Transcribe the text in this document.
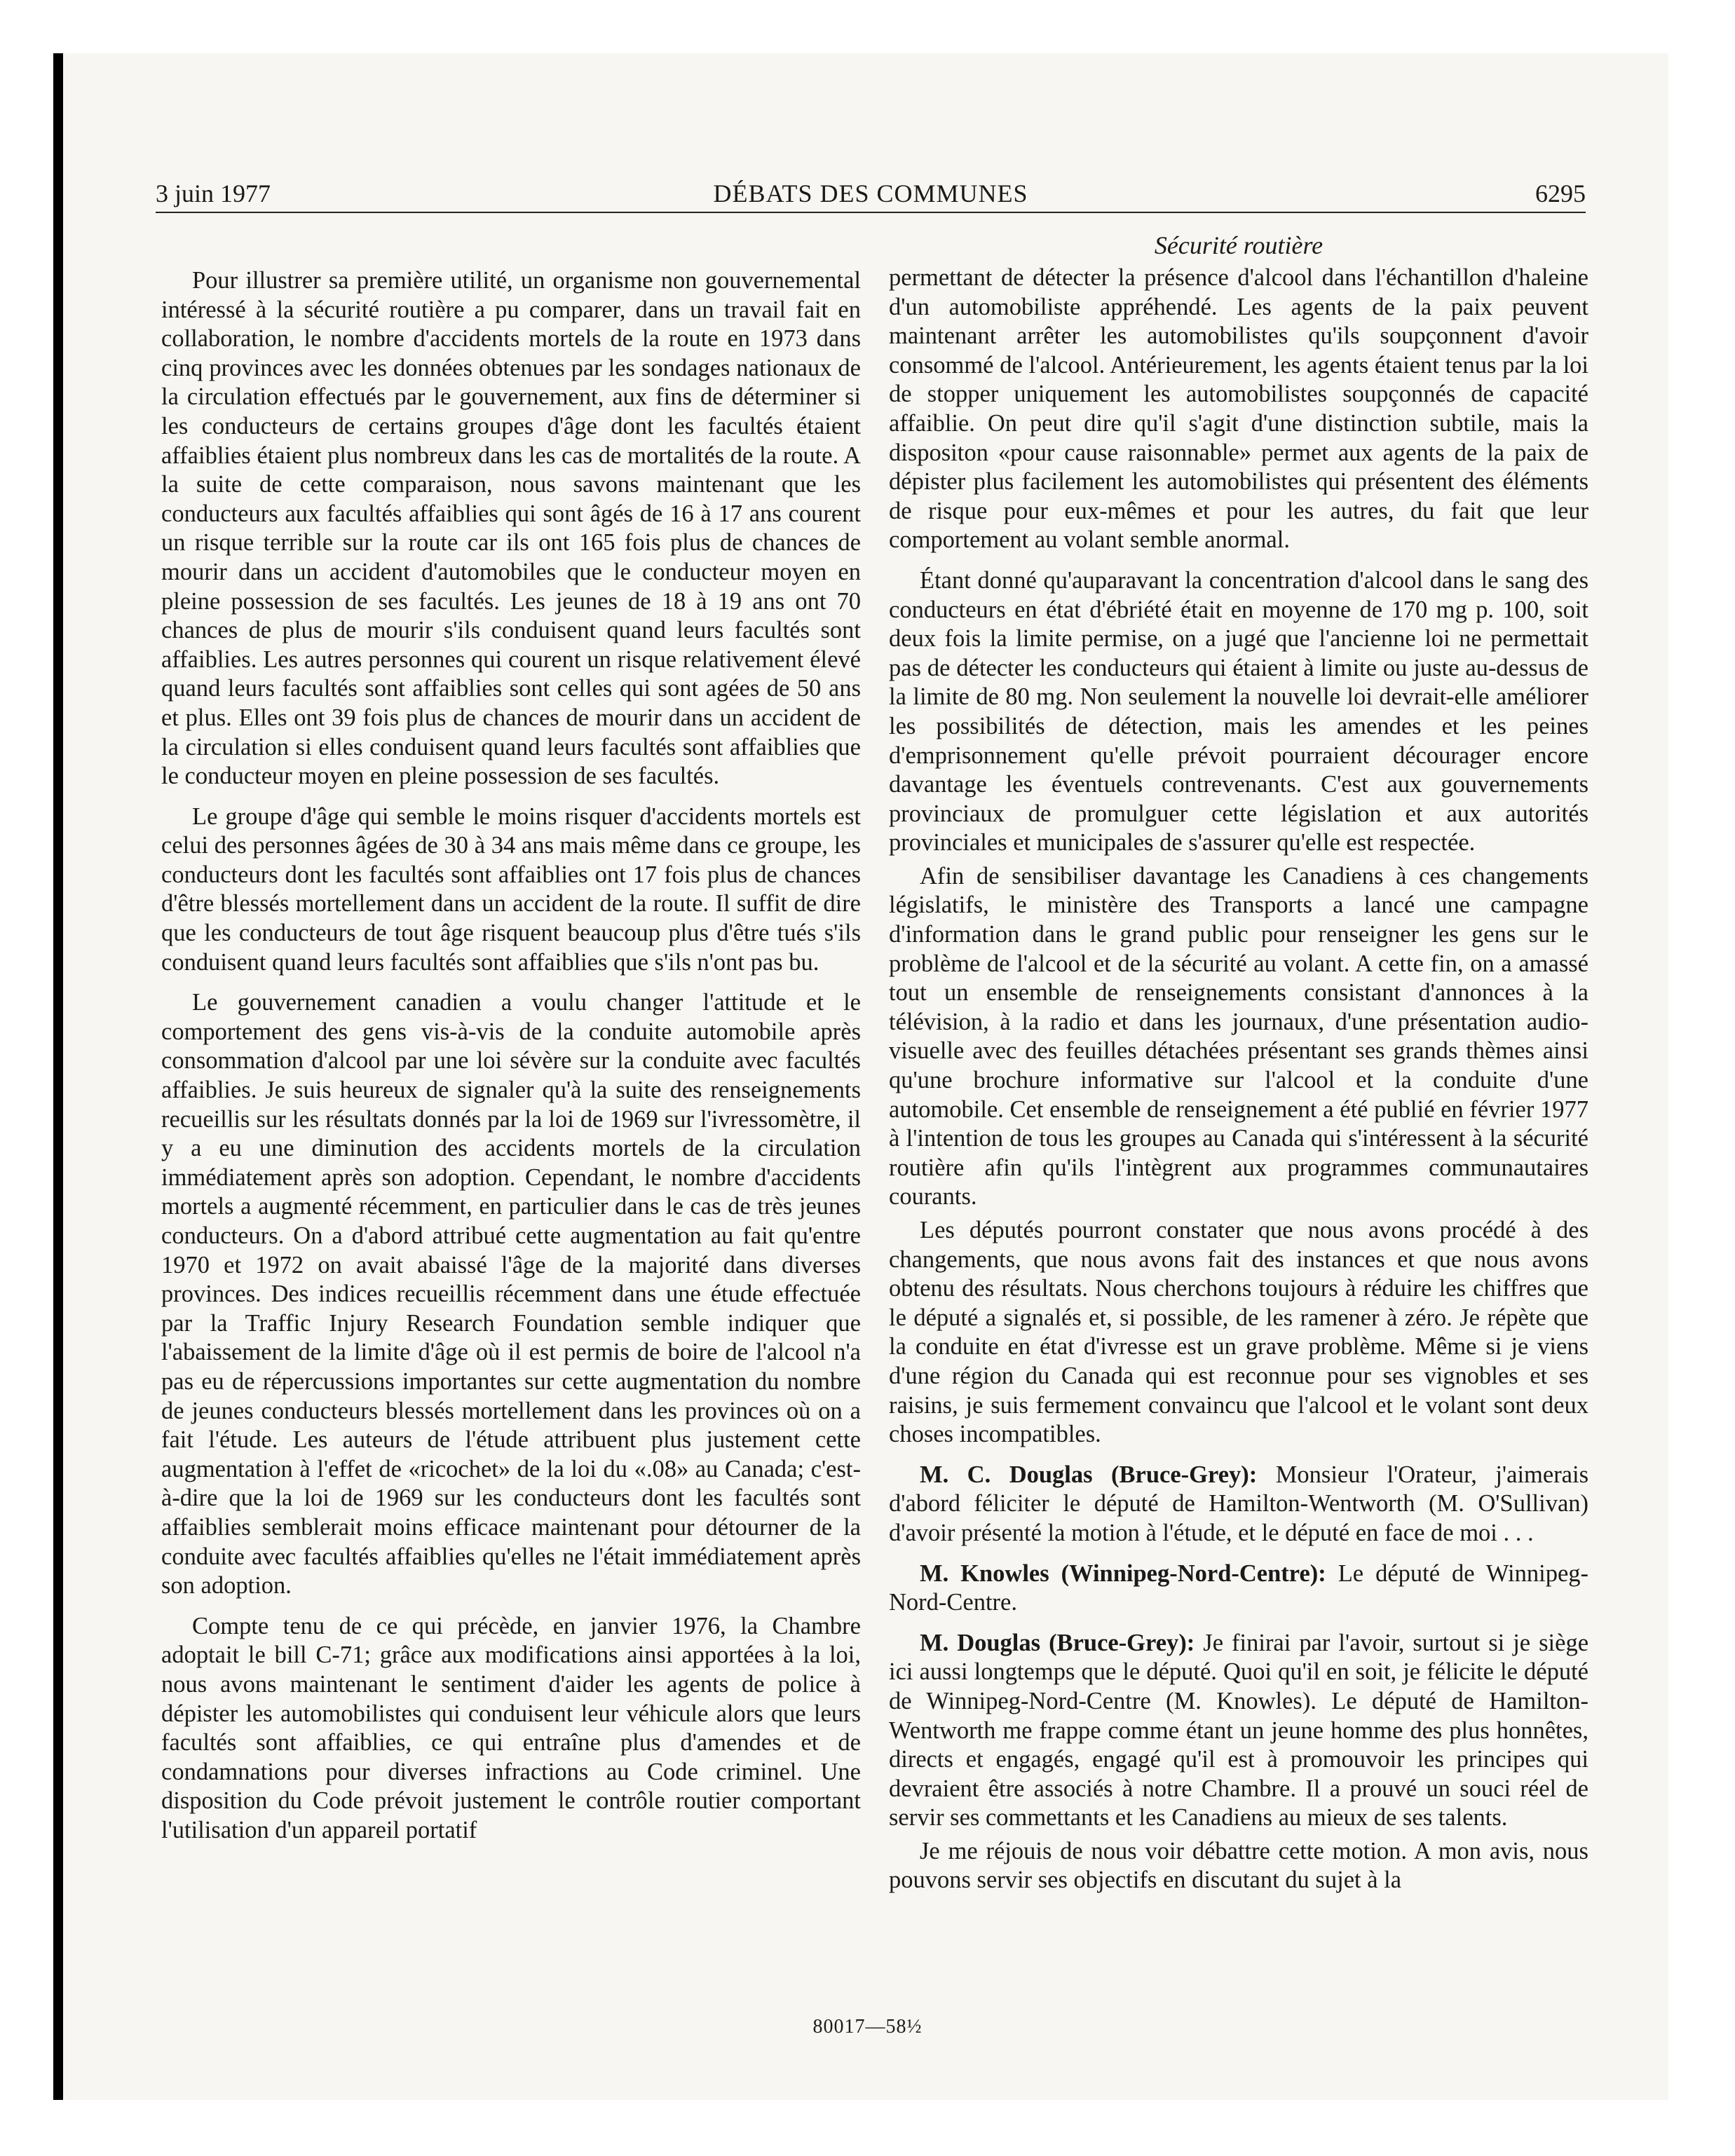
3 juin 1977	DÉBATS DES COMMUNES	6295
Sécurité routière

Pour illustrer sa première utilité, un organisme non gouvernemental intéressé à la sécurité routière a pu comparer, dans un travail fait en collaboration, le nombre d'accidents mortels de la route en 1973 dans cinq provinces avec les données obtenues par les sondages nationaux de la circulation effectués par le gouvernement, aux fins de déterminer si les conducteurs de certains groupes d'âge dont les facultés étaient affaiblies étaient plus nombreux dans les cas de mortalités de la route. A la suite de cette comparaison, nous savons maintenant que les conducteurs aux facultés affaiblies qui sont âgés de 16 à 17 ans courent un risque terrible sur la route car ils ont 165 fois plus de chances de mourir dans un accident d'automobiles que le conducteur moyen en pleine possession de ses facultés. Les jeunes de 18 à 19 ans ont 70 chances de plus de mourir s'ils conduisent quand leurs facultés sont affaiblies. Les autres personnes qui courent un risque relativement élevé quand leurs facultés sont affaiblies sont celles qui sont agées de 50 ans et plus. Elles ont 39 fois plus de chances de mourir dans un accident de la circulation si elles conduisent quand leurs facultés sont affaiblies que le conducteur moyen en pleine possession de ses facultés.

Le groupe d'âge qui semble le moins risquer d'accidents mortels est celui des personnes âgées de 30 à 34 ans mais même dans ce groupe, les conducteurs dont les facultés sont affaiblies ont 17 fois plus de chances d'être blessés mortellement dans un accident de la route. Il suffit de dire que les conducteurs de tout âge risquent beaucoup plus d'être tués s'ils conduisent quand leurs facultés sont affaiblies que s'ils n'ont pas bu.

Le gouvernement canadien a voulu changer l'attitude et le comportement des gens vis-à-vis de la conduite automobile après consommation d'alcool par une loi sévère sur la conduite avec facultés affaiblies. Je suis heureux de signaler qu'à la suite des renseignements recueillis sur les résultats donnés par la loi de 1969 sur l'ivressomètre, il y a eu une diminution des accidents mortels de la circulation immédiatement après son adoption. Cependant, le nombre d'accidents mortels a augmenté récemment, en particulier dans le cas de très jeunes conducteurs. On a d'abord attribué cette augmentation au fait qu'entre 1970 et 1972 on avait abaissé l'âge de la majorité dans diverses provinces. Des indices recueillis récemment dans une étude effectuée par la Traffic Injury Research Foundation semble indiquer que l'abaissement de la limite d'âge où il est permis de boire de l'alcool n'a pas eu de répercussions importantes sur cette augmentation du nombre de jeunes conducteurs blessés mortellement dans les provinces où on a fait l'étude. Les auteurs de l'étude attribuent plus justement cette augmentation à l'effet de «ricochet» de la loi du «.08» au Canada; c'est-à-dire que la loi de 1969 sur les conducteurs dont les facultés sont affaiblies semblerait moins efficace maintenant pour détourner de la conduite avec facultés affaiblies qu'elles ne l'était immédiatement après son adoption.

Compte tenu de ce qui précède, en janvier 1976, la Chambre adoptait le bill C-71; grâce aux modifications ainsi apportées à la loi, nous avons maintenant le sentiment d'aider les agents de police à dépister les automobilistes qui conduisent leur véhicule alors que leurs facultés sont affaiblies, ce qui entraîne plus d'amendes et de condamnations pour diverses infractions au Code criminel. Une disposition du Code prévoit justement le contrôle routier comportant l'utilisation d'un appareil portatif

permettant de détecter la présence d'alcool dans l'échantillon d'haleine d'un automobiliste appréhendé. Les agents de la paix peuvent maintenant arrêter les automobilistes qu'ils soupçonnent d'avoir consommé de l'alcool. Antérieurement, les agents étaient tenus par la loi de stopper uniquement les automobilistes soupçonnés de capacité affaiblie. On peut dire qu'il s'agit d'une distinction subtile, mais la dispositon «pour cause raisonnable» permet aux agents de la paix de dépister plus facilement les automobilistes qui présentent des éléments de risque pour eux-mêmes et pour les autres, du fait que leur comportement au volant semble anormal.

Étant donné qu'auparavant la concentration d'alcool dans le sang des conducteurs en état d'ébriété était en moyenne de 170 mg p. 100, soit deux fois la limite permise, on a jugé que l'ancienne loi ne permettait pas de détecter les conducteurs qui étaient à limite ou juste au-dessus de la limite de 80 mg. Non seulement la nouvelle loi devrait-elle améliorer les possibilités de détection, mais les amendes et les peines d'emprisonnement qu'elle prévoit pourraient décourager encore davantage les éventuels contrevenants. C'est aux gouvernements provinciaux de promulguer cette législation et aux autorités provinciales et municipales de s'assurer qu'elle est respectée.

Afin de sensibiliser davantage les Canadiens à ces changements législatifs, le ministère des Transports a lancé une campagne d'information dans le grand public pour renseigner les gens sur le problème de l'alcool et de la sécurité au volant. A cette fin, on a amassé tout un ensemble de renseignements consistant d'annonces à la télévision, à la radio et dans les journaux, d'une présentation audio-visuelle avec des feuilles détachées présentant ses grands thèmes ainsi qu'une brochure informative sur l'alcool et la conduite d'une automobile. Cet ensemble de renseignement a été publié en février 1977 à l'intention de tous les groupes au Canada qui s'intéressent à la sécurité routière afin qu'ils l'intègrent aux programmes communautaires courants.

Les députés pourront constater que nous avons procédé à des changements, que nous avons fait des instances et que nous avons obtenu des résultats. Nous cherchons toujours à réduire les chiffres que le député a signalés et, si possible, de les ramener à zéro. Je répète que la conduite en état d'ivresse est un grave problème. Même si je viens d'une région du Canada qui est reconnue pour ses vignobles et ses raisins, je suis fermement convaincu que l'alcool et le volant sont deux choses incompatibles.

M. C. Douglas (Bruce-Grey): Monsieur l'Orateur, j'aimerais d'abord féliciter le député de Hamilton-Wentworth (M. O'Sullivan) d'avoir présenté la motion à l'étude, et le député en face de moi . . .

M. Knowles (Winnipeg-Nord-Centre): Le député de Winnipeg-Nord-Centre.

M. Douglas (Bruce-Grey): Je finirai par l'avoir, surtout si je siège ici aussi longtemps que le député. Quoi qu'il en soit, je félicite le député de Winnipeg-Nord-Centre (M. Knowles). Le député de Hamilton-Wentworth me frappe comme étant un jeune homme des plus honnêtes, directs et engagés, engagé qu'il est à promouvoir les principes qui devraient être associés à notre Chambre. Il a prouvé un souci réel de servir ses commettants et les Canadiens au mieux de ses talents.

Je me réjouis de nous voir débattre cette motion. A mon avis, nous pouvons servir ses objectifs en discutant du sujet à la

80017—58½
